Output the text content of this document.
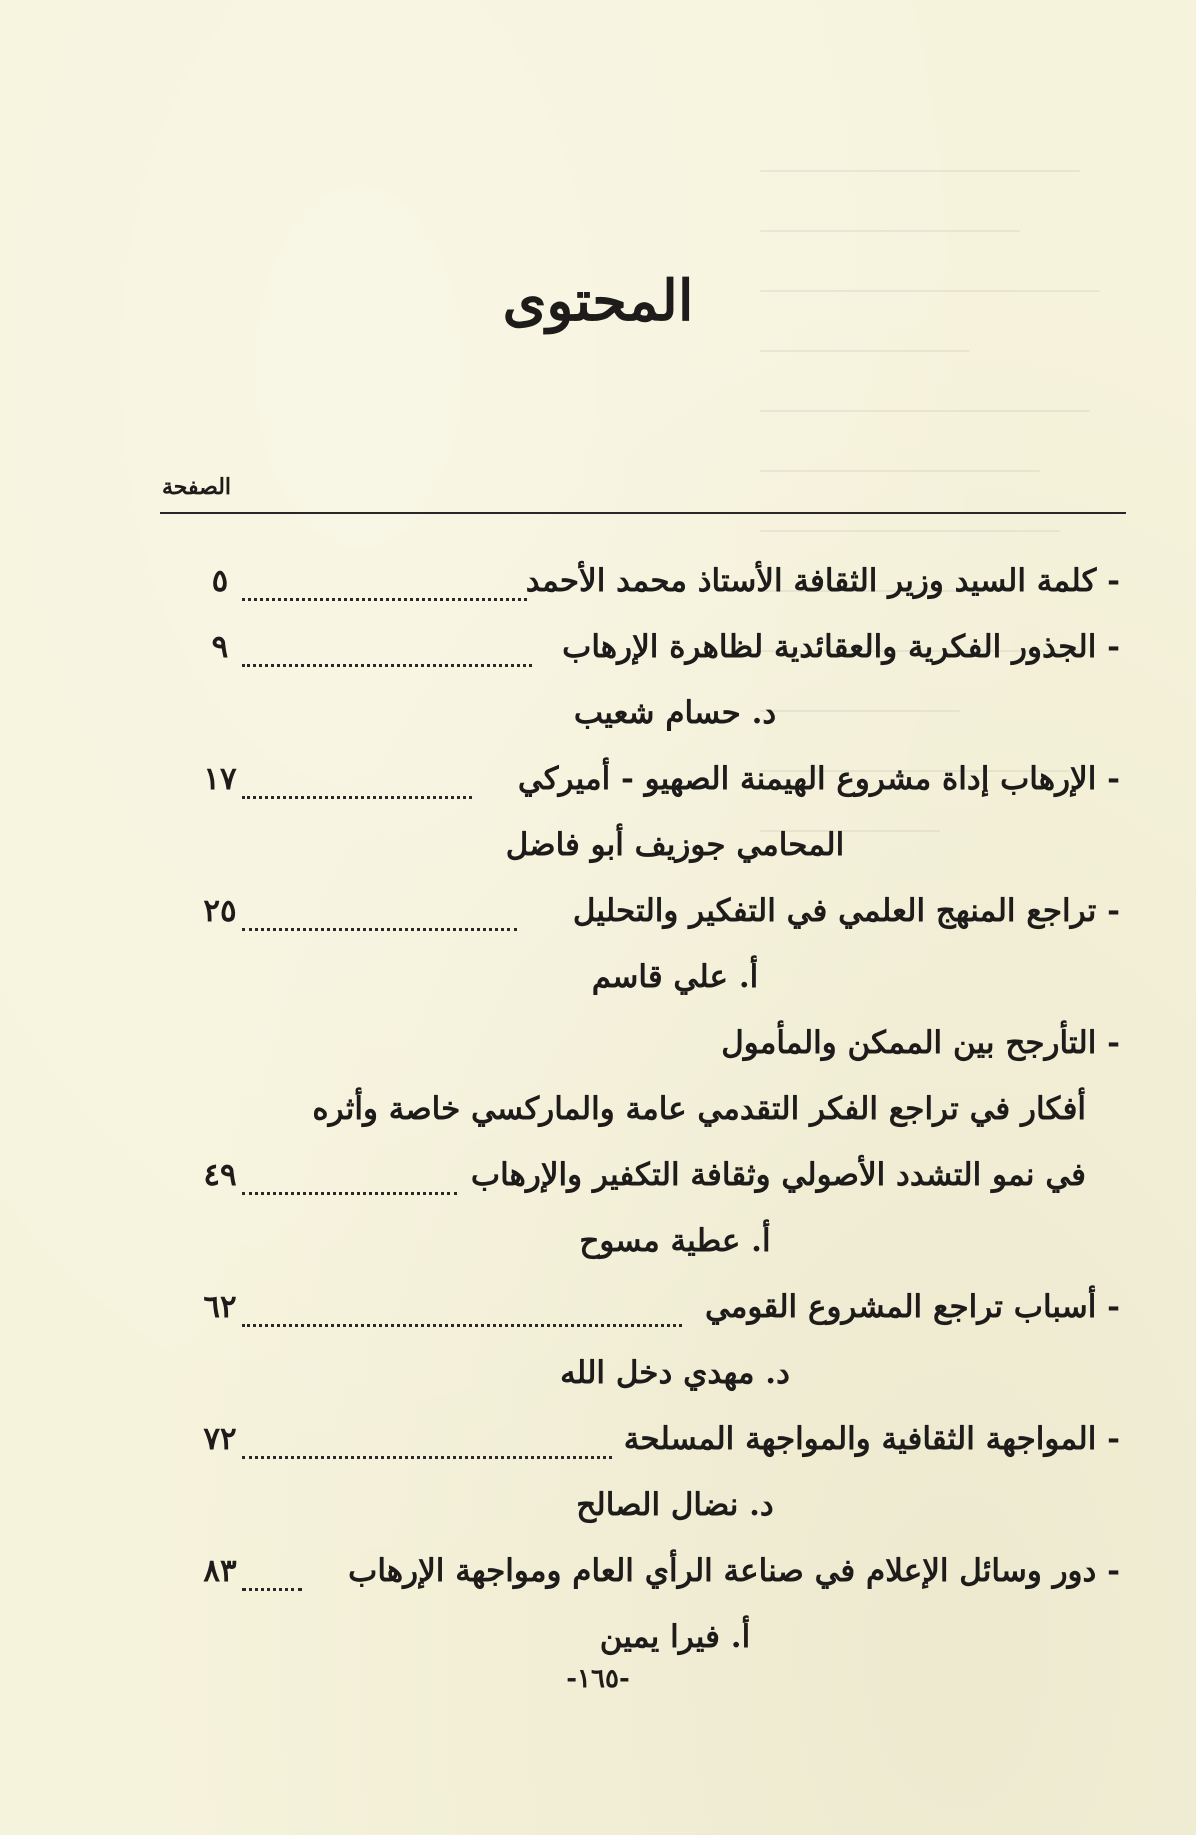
المحتوى
الصفحة
- كلمة السيد وزير الثقافة الأستاذ محمد الأحمد
٥
- الجذور الفكرية والعقائدية لظاهرة الإرهاب
٩
د. حسام شعيب
- الإرهاب إداة مشروع الهيمنة الصهيو - أميركي
١٧
المحامي جوزيف أبو فاضل
- تراجع المنهج العلمي في التفكير والتحليل
٢٥
أ. علي قاسم
- التأرجح بين الممكن والمأمول
أفكار في تراجع الفكر التقدمي عامة والماركسي خاصة وأثره
في نمو التشدد الأصولي وثقافة التكفير والإرهاب
٤٩
أ. عطية مسوح
- أسباب تراجع المشروع القومي
٦٢
د. مهدي دخل الله
- المواجهة الثقافية والمواجهة المسلحة
٧٢
د. نضال الصالح
- دور وسائل الإعلام في صناعة الرأي العام ومواجهة الإرهاب
٨٣
أ. فيرا يمين
-١٦٥-
